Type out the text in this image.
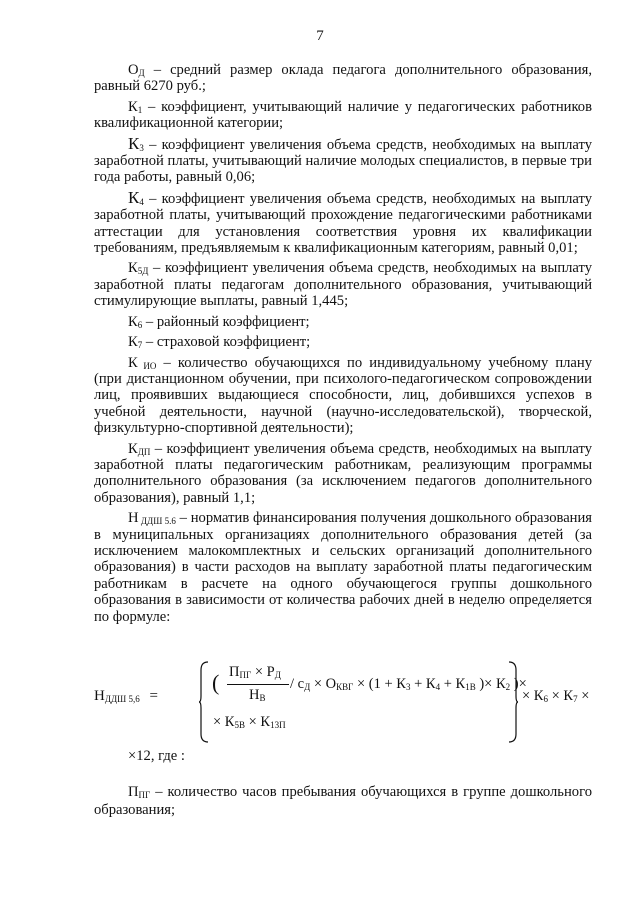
7

$О_Д$ – средний размер оклада педагога дополнительного образования, равный 6270 руб.;

$К_1$ – коэффициент, учитывающий наличие у педагогических работников квалификационной категории;

$К_3$ – коэффициент увеличения объема средств, необходимых на выплату заработной платы, учитывающий наличие молодых специалистов, в первые три года работы, равный 0,06;

$К_4$ – коэффициент увеличения объема средств, необходимых на выплату заработной платы, учитывающий прохождение педагогическими работниками аттестации для установления соответствия уровня их квалификации требованиям, предъявляемым к квалификационным категориям, равный 0,01;

$К_{5Д}$ – коэффициент увеличения объема средств, необходимых на выплату заработной платы педагогам дополнительного образования, учитывающий стимулирующие выплаты, равный 1,445;

$К_6$ – районный коэффициент;

$К_7$ – страховой коэффициент;

К $_{ИО}$ – количество обучающихся по индивидуальному учебному плану (при дистанционном обучении, при психолого-педагогическом сопровождении лиц, проявивших выдающиеся способности, лиц, добившихся успехов в учебной деятельности, научной (научно-исследовательской), творческой, физкультурно-спортивной деятельности);

$К_{ДП}$ – коэффициент увеличения объема средств, необходимых на выплату заработной платы педагогическим работникам, реализующим программы дополнительного образования (за исключением педагогов дополнительного образования), равный 1,1;

Н $_{ДДШ 5.6}$ – норматив финансирования получения дошкольного образования в муниципальных организациях дополнительного образования детей (за исключением малокомплектных и сельских организаций дополнительного образования) в части расходов на выплату заработной платы педагогическим работникам в расчете на одного обучающегося группы дошкольного образования в зависимости от количества рабочих дней в неделю определяется по формуле:

$Н_{ДДШ 5,6}$ =
( $П_{ПГ} \times Р_Д$
$Н_В$
/ $с_Д \times О_{КВГ} \times (1 + К_3 + К_4 + К_{1В}$ )× $К_2$ )×
× $К_{5В} \times К_{13П}$
× $К_6 \times К_7$ ×
×12, где :

$П_{ПГ}$ – количество часов пребывания обучающихся в группе дошкольного образования;
